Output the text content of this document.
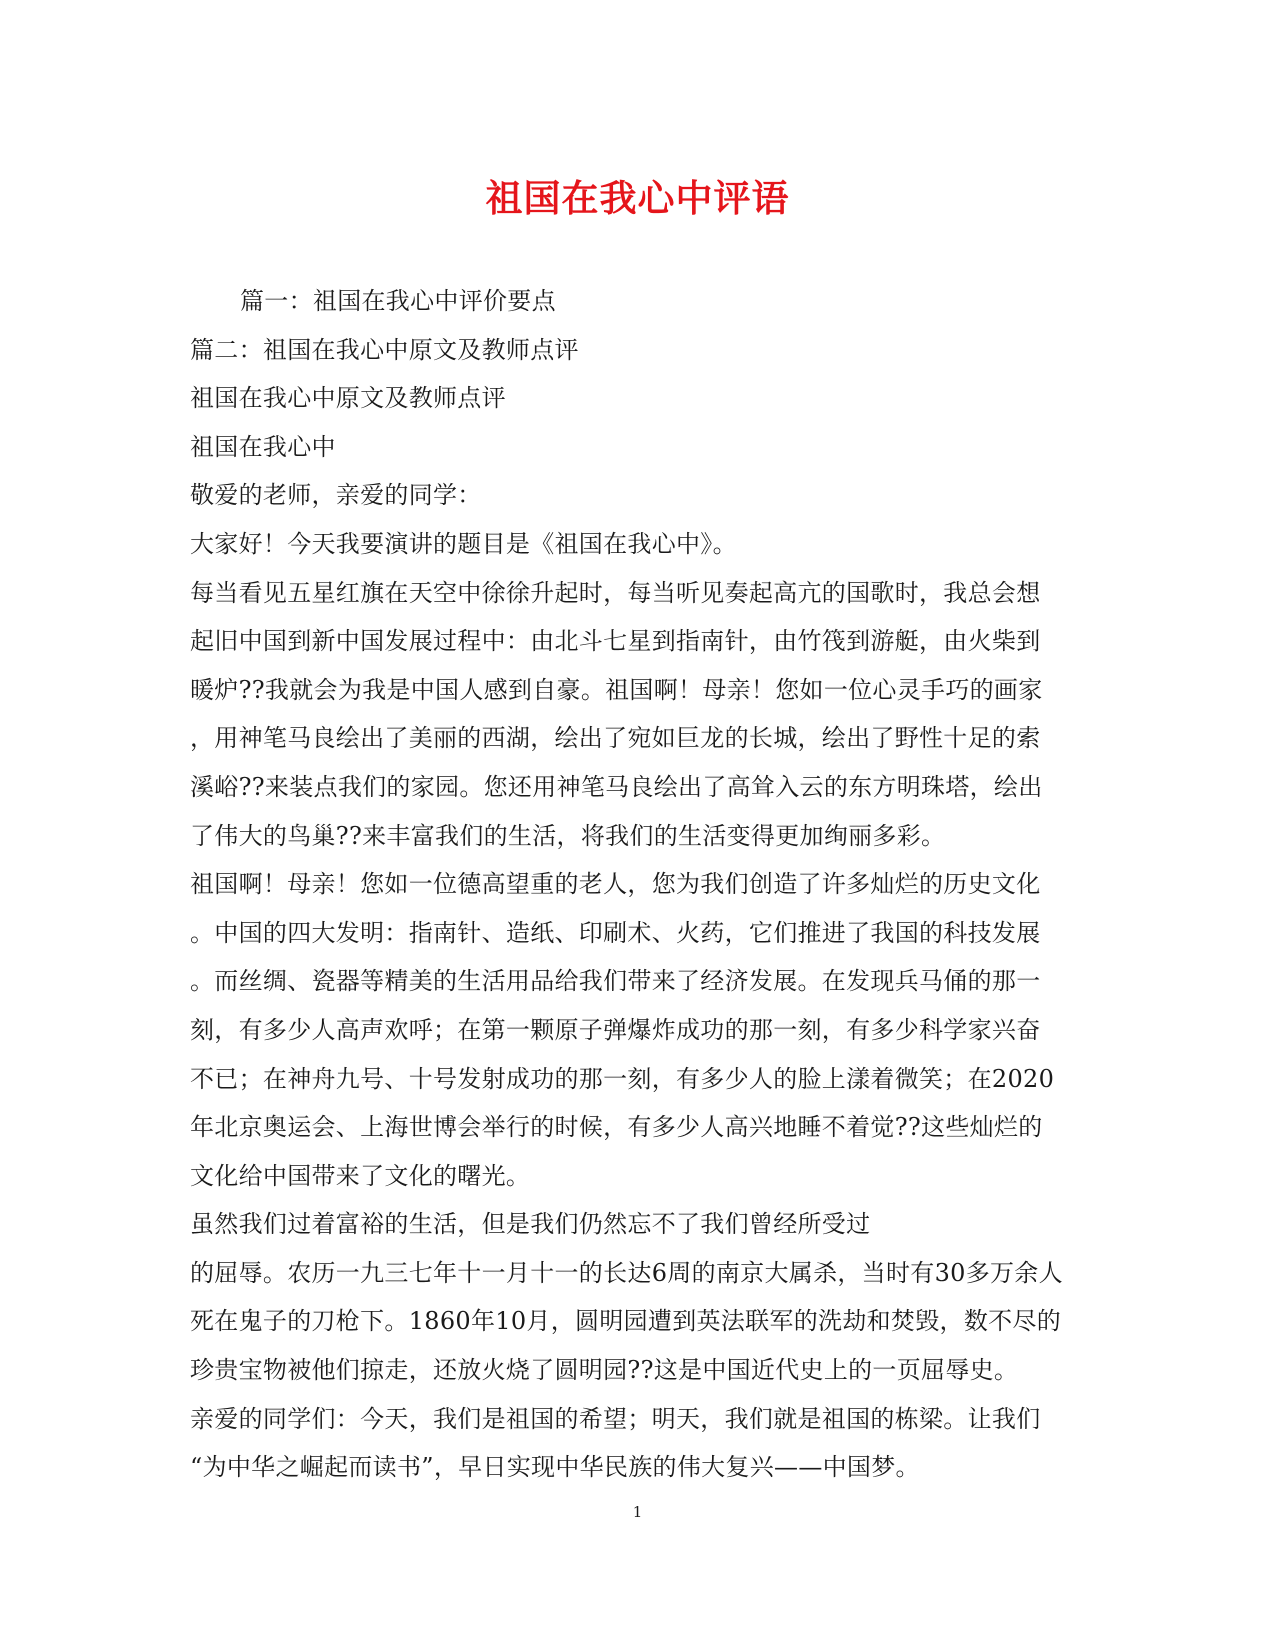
祖国在我心中评语
篇一：祖国在我心中评价要点
篇二：祖国在我心中原文及教师点评
祖国在我心中原文及教师点评
祖国在我心中
敬爱的老师，亲爱的同学：
大家好！今天我要演讲的题目是《祖国在我心中》。
每当看见五星红旗在天空中徐徐升起时，每当听见奏起高亢的国歌时，我总会想
起旧中国到新中国发展过程中：由北斗七星到指南针，由竹筏到游艇，由火柴到
暖炉??我就会为我是中国人感到自豪。祖国啊！母亲！您如一位心灵手巧的画家
，用神笔马良绘出了美丽的西湖，绘出了宛如巨龙的长城，绘出了野性十足的索
溪峪??来装点我们的家园。您还用神笔马良绘出了高耸入云的东方明珠塔，绘出
了伟大的鸟巢??来丰富我们的生活，将我们的生活变得更加绚丽多彩。
祖国啊！母亲！您如一位德高望重的老人，您为我们创造了许多灿烂的历史文化
。中国的四大发明：指南针、造纸、印刷术、火药，它们推进了我国的科技发展
。而丝绸、瓷器等精美的生活用品给我们带来了经济发展。在发现兵马俑的那一
刻，有多少人高声欢呼；在第一颗原子弹爆炸成功的那一刻，有多少科学家兴奋
不已；在神舟九号、十号发射成功的那一刻，有多少人的脸上漾着微笑；在2020
年北京奥运会、上海世博会举行的时候，有多少人高兴地睡不着觉??这些灿烂的
文化给中国带来了文化的曙光。
虽然我们过着富裕的生活，但是我们仍然忘不了我们曾经所受过
的屈辱。农历一九三七年十一月十一的长达6周的南京大属杀，当时有30多万余人
死在鬼子的刀枪下。1860年10月，圆明园遭到英法联军的洗劫和焚毁，数不尽的
珍贵宝物被他们掠走，还放火烧了圆明园??这是中国近代史上的一页屈辱史。
亲爱的同学们：今天，我们是祖国的希望；明天，我们就是祖国的栋梁。让我们
“为中华之崛起而读书”，早日实现中华民族的伟大复兴——中国梦。
1
